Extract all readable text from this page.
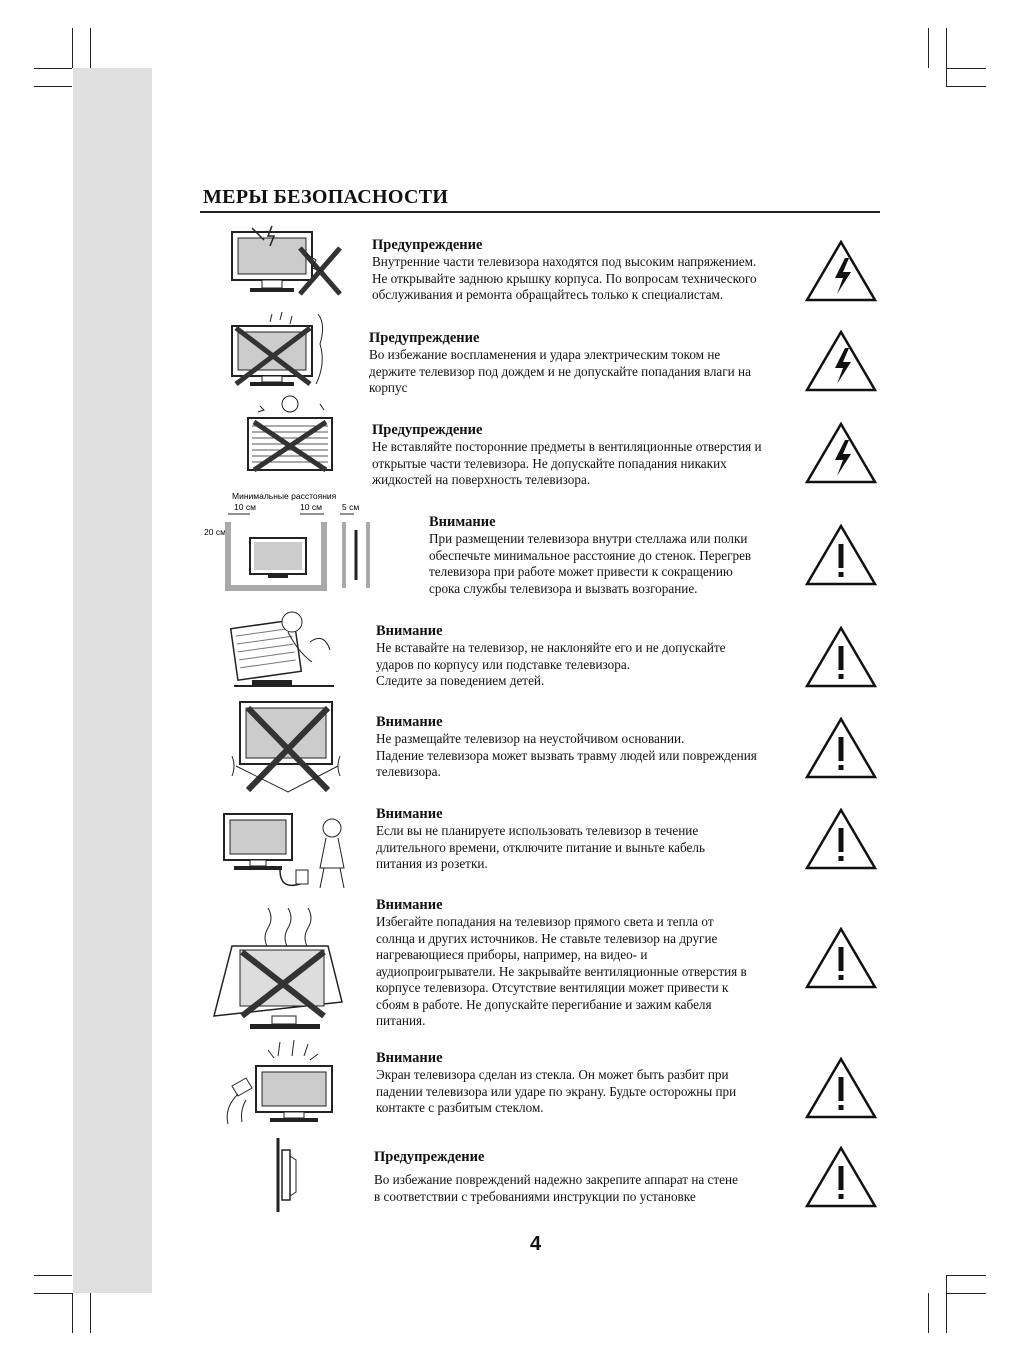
МЕРЫ БЕЗОПАСНОСТИ
Предупреждение
Внутренние части телевизора находятся под высоким напряжением.
Не открывайте заднюю крышку корпуса. По вопросам технического
обслуживания и ремонта обращайтесь только к специалистам.
Предупреждение
Во избежание воспламенения и удара электрическим током не
держите телевизор под дождем и не допускайте попадания влаги на
корпус
Предупреждение
Не вставляйте посторонние предметы в вентиляционные отверстия и
открытые части телевизора. Не допускайте попадания никаких
жидкостей на поверхность телевизора.
Минимальные расстояния
10 см	10 см 5 см
20 см
Внимание
При размещении телевизора внутри стеллажа или полки
обеспечьте минимальное расстояние до стенок. Перегрев
телевизора при работе может привести к сокращению
срока службы телевизора и вызвать возгорание.
Внимание
Не вставайте на телевизор, не наклоняйте его и не допускайте
ударов по корпусу или подставке телевизора.
Следите за поведением детей.
Внимание
Не размещайте телевизор на неустойчивом основании.
Падение телевизора может вызвать травму людей или повреждения
телевизора.
Внимание
Если вы не планируете использовать телевизор в течение
длительного времени, отключите питание и выньте кабель
питания из розетки.
Внимание
Избегайте попадания на телевизор прямого света и тепла от
солнца и других источников. Не ставьте телевизор на другие
нагревающиеся приборы, например, на видео- и
аудиопроигрыватели. Не закрывайте вентиляционные отверстия в
корпусе телевизора. Отсутствие вентиляции может привести к
сбоям в работе. Не допускайте перегибание и зажим кабеля
питания.
Внимание
Экран телевизора сделан из стекла. Он может быть разбит при
падении телевизора или ударе по экрану. Будьте осторожны при
контакте с разбитым стеклом.
Предупреждение
Во избежание повреждений надежно закрепите аппарат на стене
в соответствии с требованиями инструкции по установке
4
